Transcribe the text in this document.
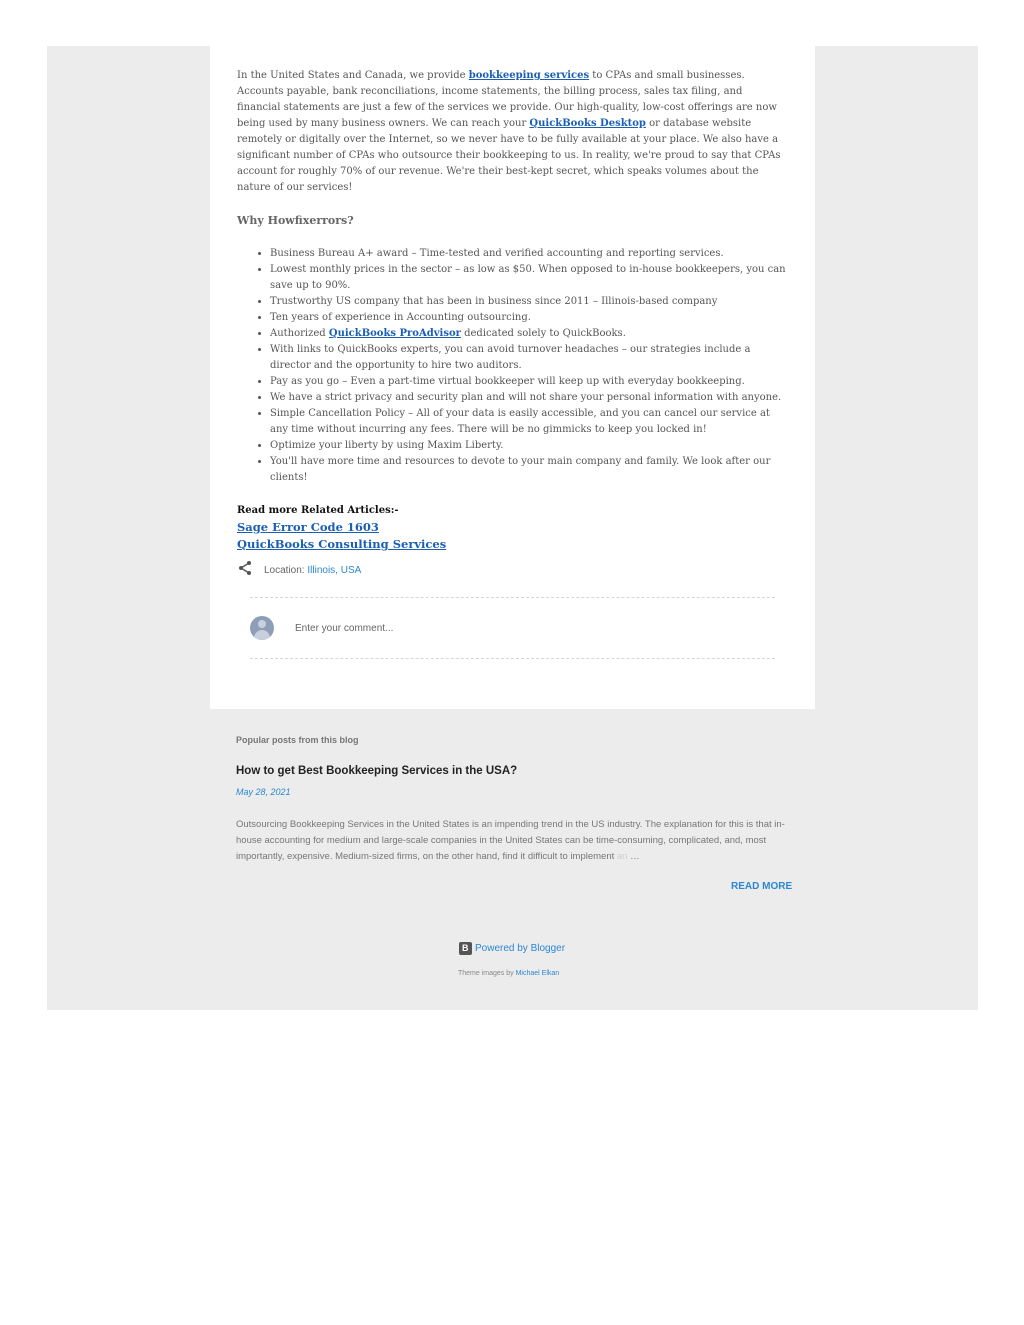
In the United States and Canada, we provide bookkeeping services to CPAs and small businesses. Accounts payable, bank reconciliations, income statements, the billing process, sales tax filing, and financial statements are just a few of the services we provide. Our high-quality, low-cost offerings are now being used by many business owners. We can reach your QuickBooks Desktop or database website remotely or digitally over the Internet, so we never have to be fully available at your place. We also have a significant number of CPAs who outsource their bookkeeping to us. In reality, we're proud to say that CPAs account for roughly 70% of our revenue. We're their best-kept secret, which speaks volumes about the nature of our services!

Why Howfixerrors?

• Business Bureau A+ award – Time-tested and verified accounting and reporting services.
• Lowest monthly prices in the sector – as low as $50. When opposed to in-house bookkeepers, you can save up to 90%.
• Trustworthy US company that has been in business since 2011 – Illinois-based company
• Ten years of experience in Accounting outsourcing.
• Authorized QuickBooks ProAdvisor dedicated solely to QuickBooks.
• With links to QuickBooks experts, you can avoid turnover headaches – our strategies include a director and the opportunity to hire two auditors.
• Pay as you go – Even a part-time virtual bookkeeper will keep up with everyday bookkeeping.
• We have a strict privacy and security plan and will not share your personal information with anyone.
• Simple Cancellation Policy – All of your data is easily accessible, and you can cancel our service at any time without incurring any fees. There will be no gimmicks to keep you locked in!
• Optimize your liberty by using Maxim Liberty.
• You'll have more time and resources to devote to your main company and family. We look after our clients!

Read more Related Articles:-

Sage Error Code 1603
QuickBooks Consulting Services
Location: Illinois, USA
Enter your comment...
Popular posts from this blog
How to get Best Bookkeeping Services in the USA?
May 28, 2021
Outsourcing Bookkeeping Services in the United States is an impending trend in the US industry. The explanation for this is that in-house accounting for medium and large-scale companies in the United States can be time-consuming, complicated, and, most importantly, expensive. Medium-sized firms, on the other hand, find it difficult to implement an …
READ MORE
B Powered by Blogger
Theme images by Michael Elkan
